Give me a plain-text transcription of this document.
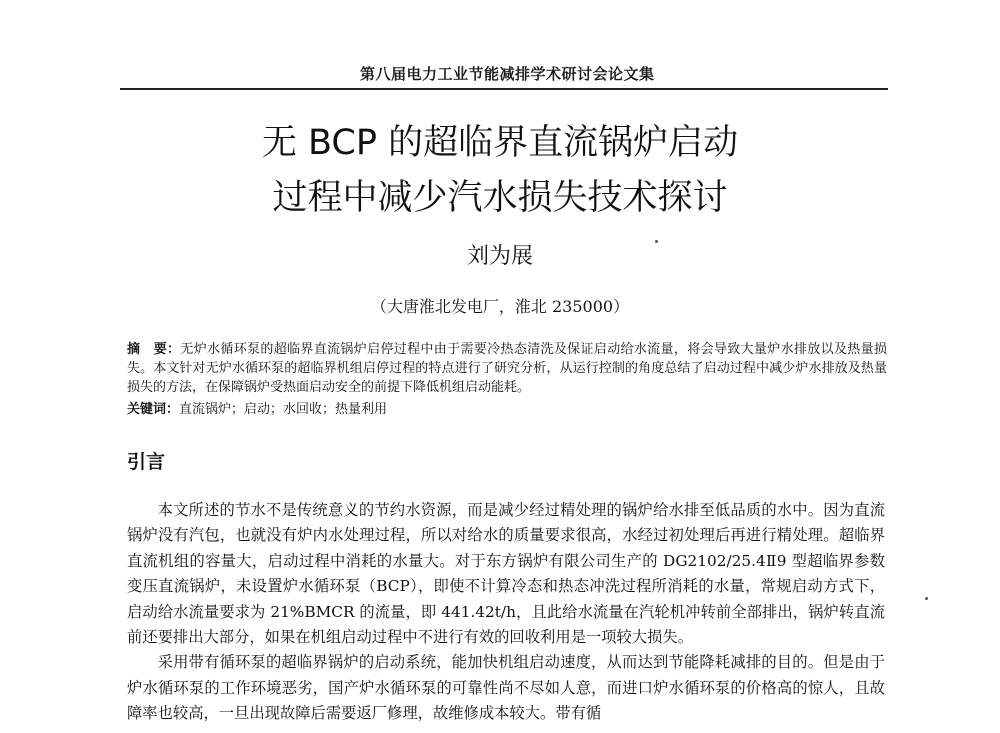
第八届电力工业节能减排学术研讨会论文集
无 BCP 的超临界直流锅炉启动
过程中减少汽水损失技术探讨
刘为展
（大唐淮北发电厂，淮北 235000）
摘　要：无炉水循环泵的超临界直流锅炉启停过程中由于需要冷热态清洗及保证启动给水流量，将会导致大量炉水排放以及热量损失。本文针对无炉水循环泵的超临界机组启停过程的特点进行了研究分析，从运行控制的角度总结了启动过程中减少炉水排放及热量损失的方法，在保障锅炉受热面启动安全的前提下降低机组启动能耗。
关键词：直流锅炉；启动；水回收；热量利用
引言

本文所述的节水不是传统意义的节约水资源，而是减少经过精处理的锅炉给水排至低品质的水中。因为直流锅炉没有汽包，也就没有炉内水处理过程，所以对给水的质量要求很高，水经过初处理后再进行精处理。超临界直流机组的容量大，启动过程中消耗的水量大。对于东方锅炉有限公司生产的 DG2102/25.4Ⅱ9 型超临界参数变压直流锅炉，未设置炉水循环泵（BCP），即使不计算冷态和热态冲洗过程所消耗的水量，常规启动方式下，启动给水流量要求为 21%BMCR 的流量，即 441.42t/h，且此给水流量在汽轮机冲转前全部排出，锅炉转直流前还要排出大部分，如果在机组启动过程中不进行有效的回收利用是一项较大损失。

采用带有循环泵的超临界锅炉的启动系统，能加快机组启动速度，从而达到节能降耗减排的目的。但是由于炉水循环泵的工作环境恶劣，国产炉水循环泵的可靠性尚不尽如人意，而进口炉水循环泵的价格高的惊人，且故障率也较高，一旦出现故障后需要返厂修理，故维修成本较大。带有循
